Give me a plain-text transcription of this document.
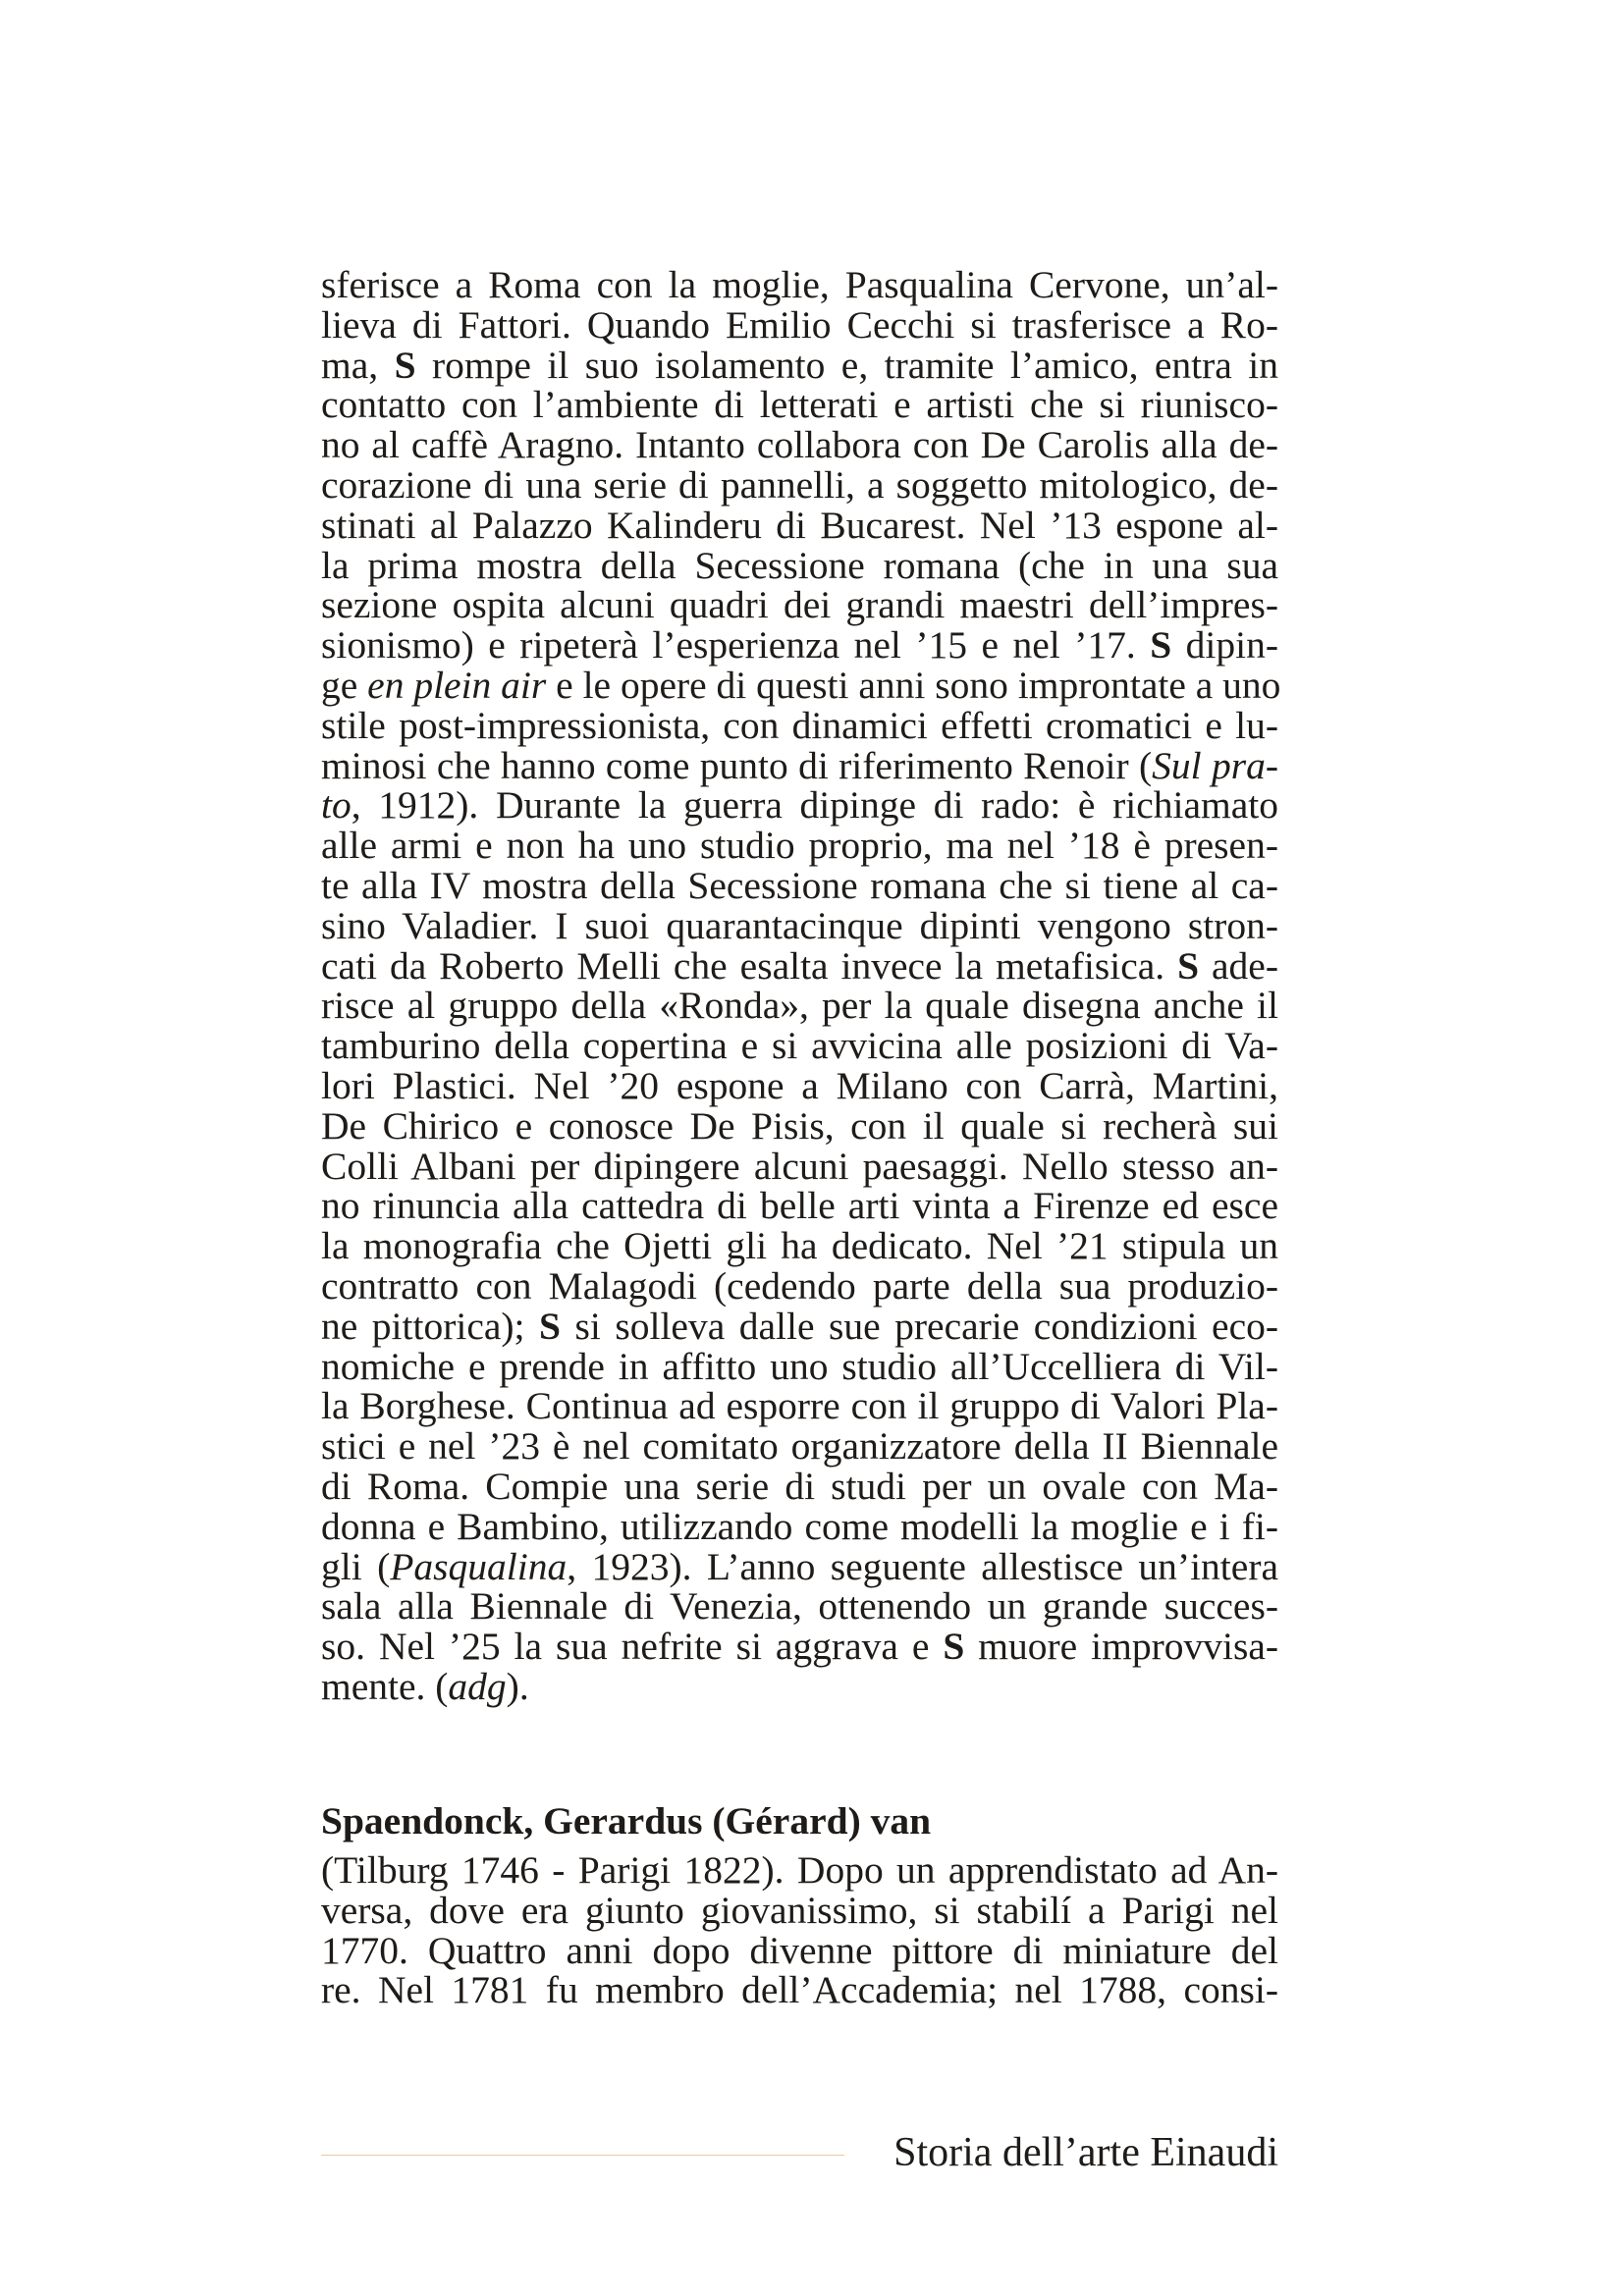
sferisce a Roma con la moglie, Pasqualina Cervone, un’al-
lieva di Fattori. Quando Emilio Cecchi si trasferisce a Ro-
ma, S rompe il suo isolamento e, tramite l’amico, entra in
contatto con l’ambiente di letterati e artisti che si riunisco-
no al caffè Aragno. Intanto collabora con De Carolis alla de-
corazione di una serie di pannelli, a soggetto mitologico, de-
stinati al Palazzo Kalinderu di Bucarest. Nel ’13 espone al-
la prima mostra della Secessione romana (che in una sua
sezione ospita alcuni quadri dei grandi maestri dell’impres-
sionismo) e ripeterà l’esperienza nel ’15 e nel ’17. S dipin-
ge en plein air e le opere di questi anni sono improntate a uno
stile post-impressionista, con dinamici effetti cromatici e lu-
minosi che hanno come punto di riferimento Renoir (Sul pra-
to, 1912). Durante la guerra dipinge di rado: è richiamato
alle armi e non ha uno studio proprio, ma nel ’18 è presen-
te alla IV mostra della Secessione romana che si tiene al ca-
sino Valadier. I suoi quarantacinque dipinti vengono stron-
cati da Roberto Melli che esalta invece la metafisica. S ade-
risce al gruppo della «Ronda», per la quale disegna anche il
tamburino della copertina e si avvicina alle posizioni di Va-
lori Plastici. Nel ’20 espone a Milano con Carrà, Martini,
De Chirico e conosce De Pisis, con il quale si recherà sui
Colli Albani per dipingere alcuni paesaggi. Nello stesso an-
no rinuncia alla cattedra di belle arti vinta a Firenze ed esce
la monografia che Ojetti gli ha dedicato. Nel ’21 stipula un
contratto con Malagodi (cedendo parte della sua produzio-
ne pittorica); S si solleva dalle sue precarie condizioni eco-
nomiche e prende in affitto uno studio all’Uccelliera di Vil-
la Borghese. Continua ad esporre con il gruppo di Valori Pla-
stici e nel ’23 è nel comitato organizzatore della II Biennale
di Roma. Compie una serie di studi per un ovale con Ma-
donna e Bambino, utilizzando come modelli la moglie e i fi-
gli (Pasqualina, 1923). L’anno seguente allestisce un’intera
sala alla Biennale di Venezia, ottenendo un grande succes-
so. Nel ’25 la sua nefrite si aggrava e S muore improvvisa-
mente. (adg).

Spaendonck, Gerardus (Gérard) van

(Tilburg 1746 - Parigi 1822). Dopo un apprendistato ad An-
versa, dove era giunto giovanissimo, si stabilí a Parigi nel
1770. Quattro anni dopo divenne pittore di miniature del
re. Nel 1781 fu membro dell’Accademia; nel 1788, consi-

Storia dell’arte Einaudi
